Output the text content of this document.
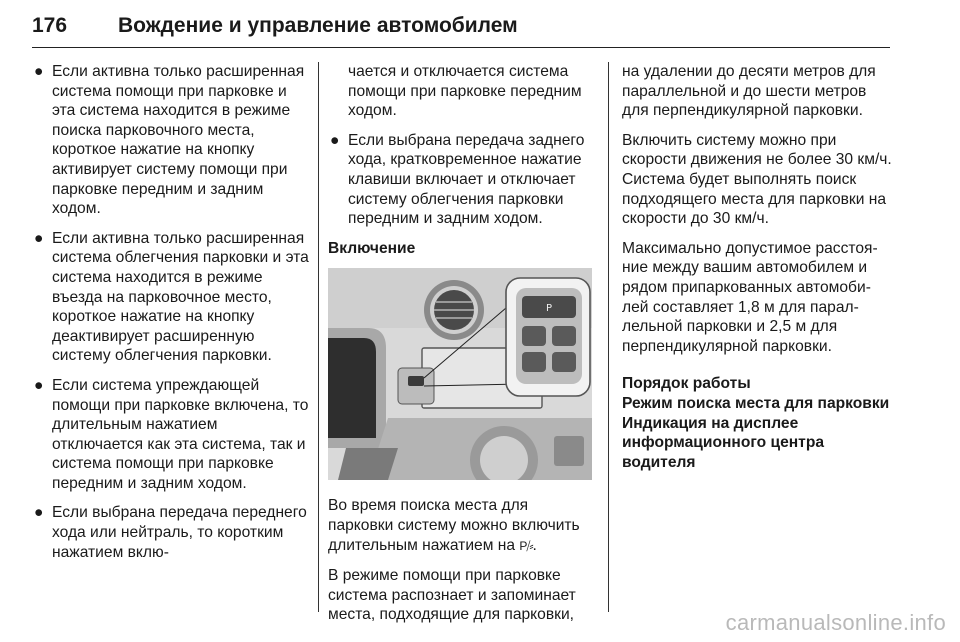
176 Вождение и управление автомобилем
● Если активна только расширенная система помощи при парковке и эта система находится в режиме поиска парковочного места, короткое нажатие на кнопку активирует систему помощи при парковке передним и задним ходом.
● Если активна только расширенная система облегчения парковки и эта система находится в режиме въезда на парковочное место, короткое нажатие на кнопку деактивирует расширенную систему облегчения парковки.
● Если система упреждающей помощи при парковке включена, то длительным нажатием отключается как эта система, так и система помощи при парковке передним и задним ходом.
● Если выбрана передача переднего хода или нейтраль, то коротким нажатием вклю-

чается и отключается система помощи при парковке передним ходом.

● Если выбрана передача заднего хода, кратковременное нажатие клавиши включает и отключает систему облегчения парковки передним и задним ходом.
Включение
P

Во время поиска места для парковки систему можно включить длительным нажатием на P⧸⸗.

В режиме помощи при парковке система распознает и запоминает места, подходящие для парковки,

на удалении до десяти метров для параллельной и до шести метров для перпендикулярной парковки.

Включить систему можно при скорости движения не более 30 км/ч. Система будет выполнять поиск подходящего места для парковки на скорости до 30 км/ч.

Максимально допустимое расстояние между вашим автомобилем и рядом припаркованных автомобилей составляет 1,8 м для параллельной парковки и 2,5 м для перпендикулярной парковки.

Порядок работы
Режим поиска места для парковки
Индикация на дисплее
информационного центра
водителя
carmanualsonline.info
